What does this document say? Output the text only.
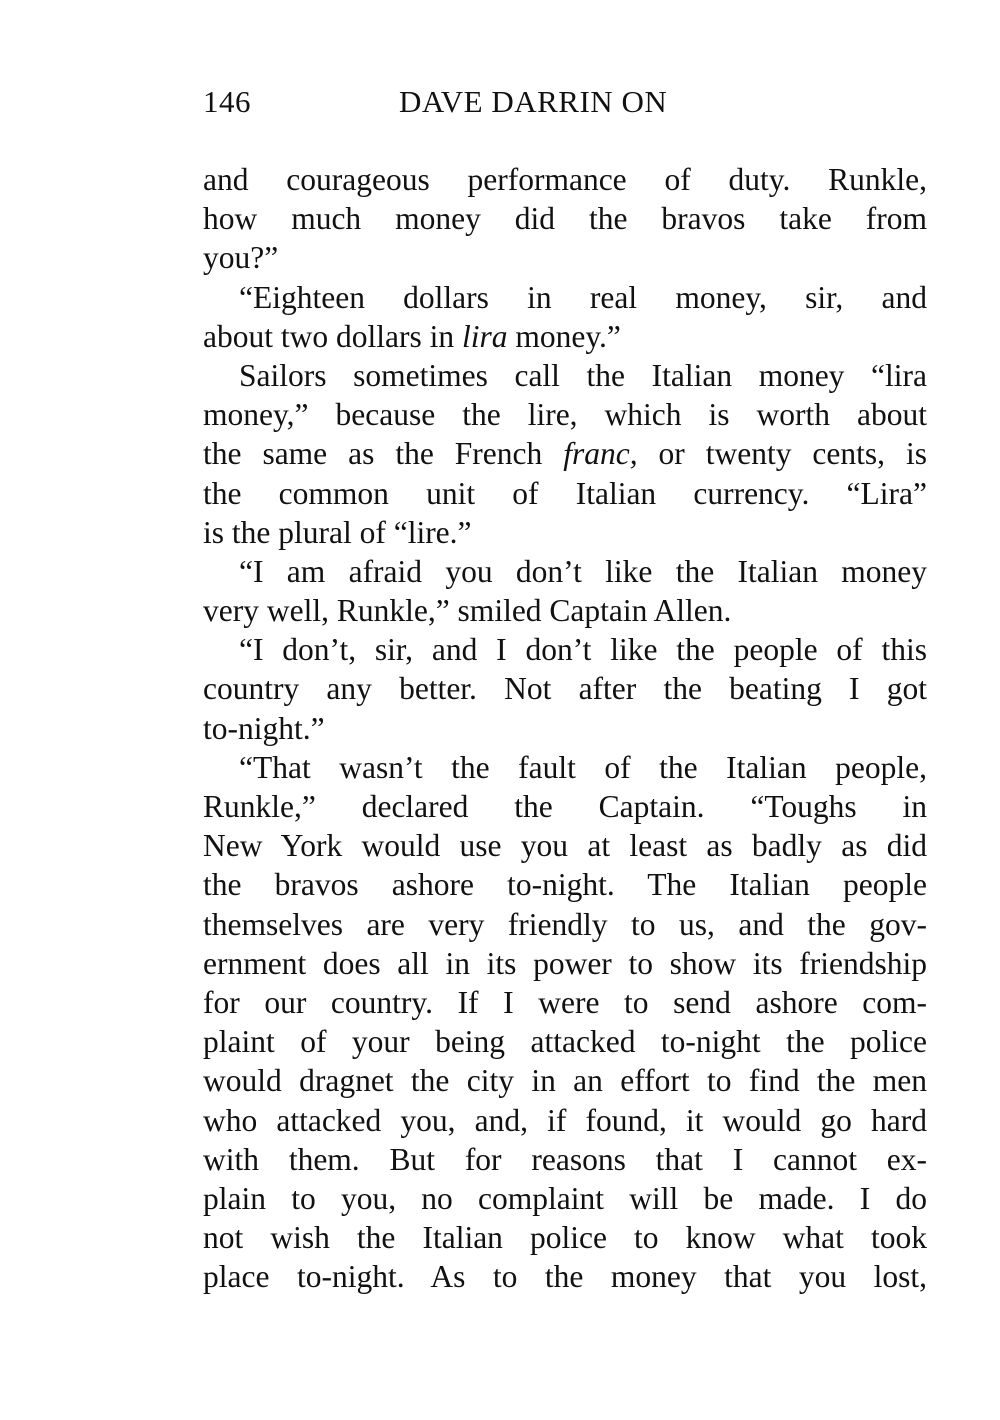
146	DAVE DARRIN ON
and courageous performance of duty. Runkle,
how much money did the bravos take from
you?”
“Eighteen dollars in real money, sir, and
about two dollars in lira money.”
Sailors sometimes call the Italian money “lira
money,” because the lire, which is worth about
the same as the French franc, or twenty cents, is
the common unit of Italian currency. “Lira”
is the plural of “lire.”
“I am afraid you don’t like the Italian money
very well, Runkle,” smiled Captain Allen.
“I don’t, sir, and I don’t like the people of this
country any better. Not after the beating I got
to-night.”
“That wasn’t the fault of the Italian people,
Runkle,” declared the Captain. “Toughs in
New York would use you at least as badly as did
the bravos ashore to-night. The Italian people
themselves are very friendly to us, and the gov-
ernment does all in its power to show its friendship
for our country. If I were to send ashore com-
plaint of your being attacked to-night the police
would dragnet the city in an effort to find the men
who attacked you, and, if found, it would go hard
with them. But for reasons that I cannot ex-
plain to you, no complaint will be made. I do
not wish the Italian police to know what took
place to-night. As to the money that you lost,
